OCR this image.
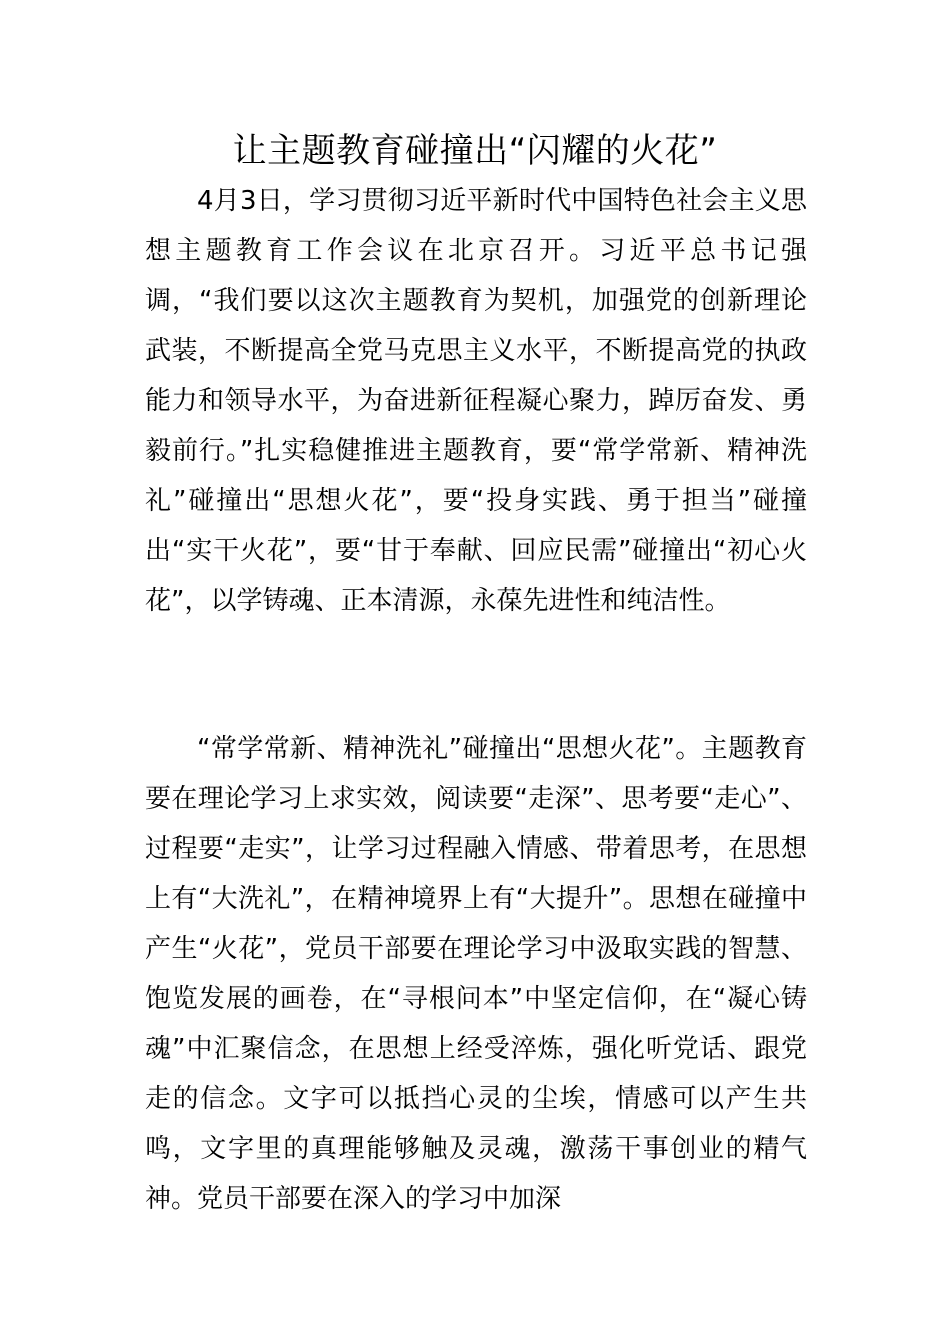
让主题教育碰撞出“闪耀的火花”

4月3日，学习贯彻习近平新时代中国特色社会主义思想主题教育工作会议在北京召开。习近平总书记强调，“我们要以这次主题教育为契机，加强党的创新理论武装，不断提高全党马克思主义水平，不断提高党的执政能力和领导水平，为奋进新征程凝心聚力，踔厉奋发、勇毅前行。”扎实稳健推进主题教育，要“常学常新、精神洗礼”碰撞出“思想火花”，要“投身实践、勇于担当”碰撞出“实干火花”，要“甘于奉献、回应民需”碰撞出“初心火花”，以学铸魂、正本清源，永葆先进性和纯洁性。

“常学常新、精神洗礼”碰撞出“思想火花”。主题教育要在理论学习上求实效，阅读要“走深”、思考要“走心”、过程要“走实”，让学习过程融入情感、带着思考，在思想上有“大洗礼”，在精神境界上有“大提升”。思想在碰撞中产生“火花”，党员干部要在理论学习中汲取实践的智慧、饱览发展的画卷，在“寻根问本”中坚定信仰，在“凝心铸魂”中汇聚信念，在思想上经受淬炼，强化听党话、跟党走的信念。文字可以抵挡心灵的尘埃，情感可以产生共鸣，文字里的真理能够触及灵魂，激荡干事创业的精气神。党员干部要在深入的学习中加深
